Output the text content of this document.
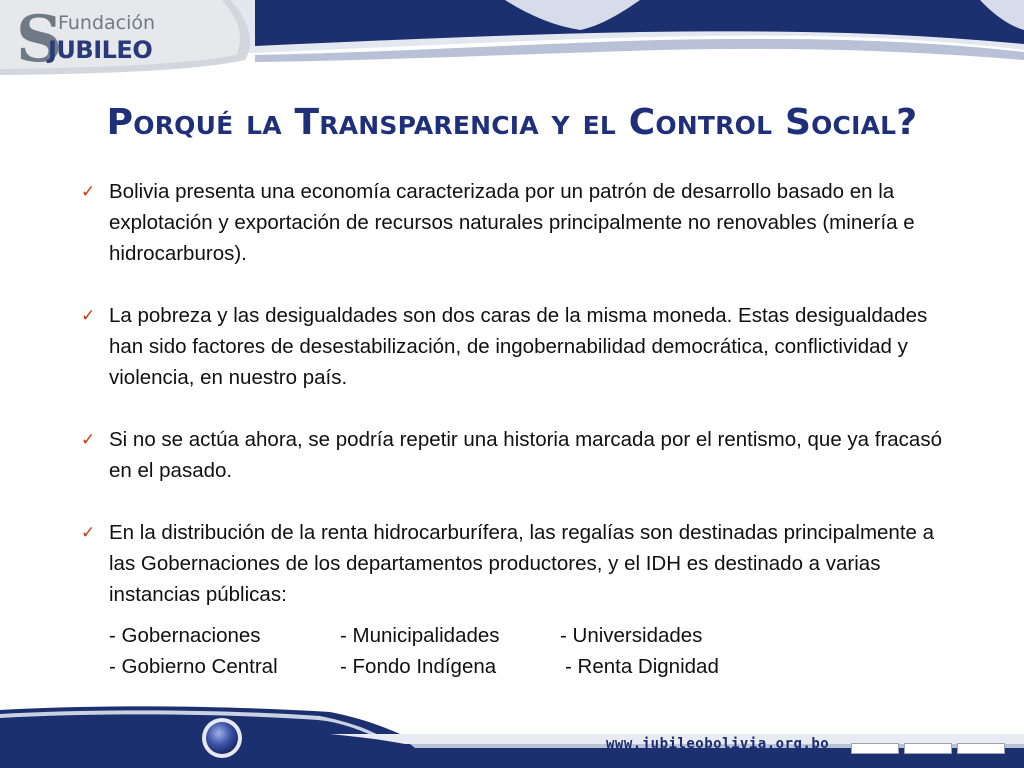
S
Fundación
JUBILEO
Porqué la Transparencia y el Control Social?
✓ Bolivia presenta una economía caracterizada por un patrón de desarrollo basado en la explotación y exportación de recursos naturales principalmente no renovables (minería e hidrocarburos).
✓ La pobreza y las desigualdades son dos caras de la misma moneda. Estas desigualdades han sido factores de desestabilización, de ingobernabilidad democrática, conflictividad y violencia, en nuestro país.
✓ Si no se actúa ahora, se podría repetir una historia marcada por el rentismo, que ya fracasó en el pasado.
✓ En la distribución de la renta hidrocarburífera, las regalías son destinadas principalmente a las Gobernaciones de los departamentos productores, y el IDH es destinado a varias instancias públicas:
- Gobernaciones	- Municipalidades	- Universidades
- Gobierno Central	- Fondo Indígena	- Renta Dignidad
www.jubileobolivia.org.bo
